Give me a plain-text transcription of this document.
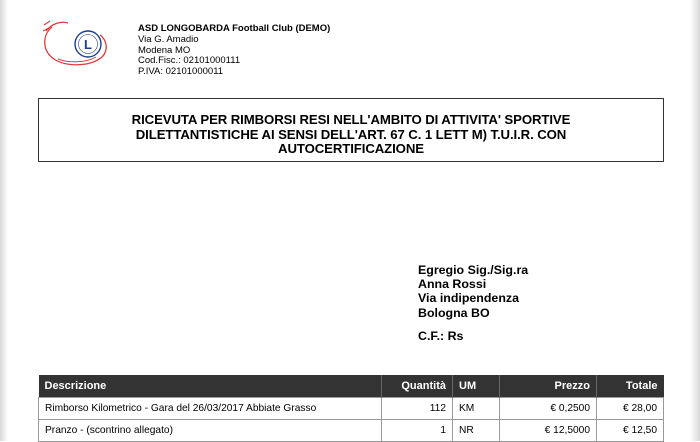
L
ASD LONGOBARDA Football Club (DEMO)
Via G. Amadio
Modena MO
Cod.Fisc.: 02101000111
P.IVA: 02101000011
RICEVUTA PER RIMBORSI RESI NELL'AMBITO DI ATTIVITA' SPORTIVE
DILETTANTISTICHE AI SENSI DELL'ART. 67 C. 1 LETT M) T.U.I.R. CON
AUTOCERTIFICAZIONE
Egregio Sig./Sig.ra
Anna Rossi
Via indipendenza
Bologna BO
C.F.: Rs
Descrizione	Quantità	UM	Prezzo	Totale
Rimborso Kilometrico - Gara del 26/03/2017 Abbiate Grasso	112	KM	€ 0,2500	€ 28,00
Pranzo - (scontrino allegato)	1	NR	€ 12,5000	€ 12,50
